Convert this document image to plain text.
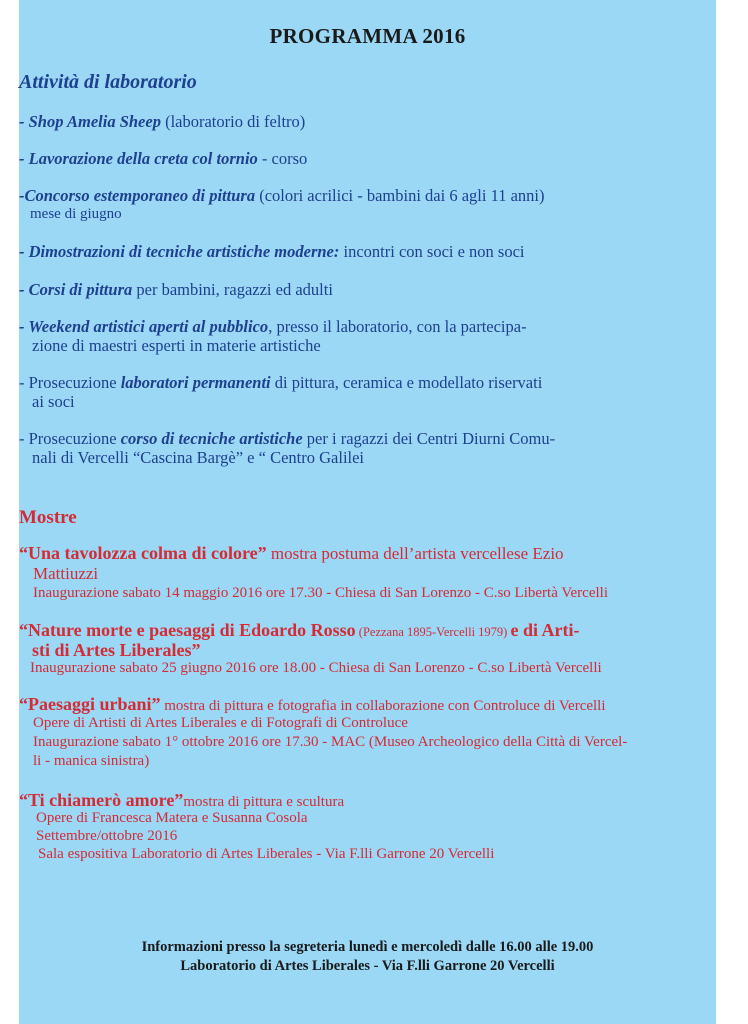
PROGRAMMA 2016
Attività di laboratorio
- Shop Amelia Sheep (laboratorio di feltro)
- Lavorazione della creta col tornio - corso
-Concorso estemporaneo di pittura (colori acrilici - bambini dai 6 agli 11 anni)
mese di giugno
- Dimostrazioni di tecniche artistiche moderne: incontri con soci e non soci
- Corsi di pittura per bambini, ragazzi ed adulti
- Weekend artistici aperti al pubblico, presso il laboratorio, con la partecipa-
zione di maestri esperti in materie artistiche
- Prosecuzione laboratori permanenti di pittura, ceramica e modellato riservati
ai soci
- Prosecuzione corso di tecniche artistiche per i ragazzi dei Centri Diurni Comu-
nali di Vercelli “Cascina Bargè” e “ Centro Galilei
Mostre
“Una tavolozza colma di colore” mostra postuma dell’artista vercellese Ezio
Mattiuzzi
Inaugurazione sabato 14 maggio 2016 ore 17.30 - Chiesa di San Lorenzo - C.so Libertà Vercelli
“Nature morte e paesaggi di Edoardo Rosso (Pezzana 1895-Vercelli 1979) e di Arti-
sti di Artes Liberales”
Inaugurazione sabato 25 giugno 2016 ore 18.00 - Chiesa di San Lorenzo - C.so Libertà Vercelli
“Paesaggi urbani” mostra di pittura e fotografia in collaborazione con Controluce di Vercelli
Opere di Artisti di Artes Liberales e di Fotografi di Controluce
Inaugurazione sabato 1° ottobre 2016 ore 17.30 - MAC (Museo Archeologico della Città di Vercel-
li - manica sinistra)
“Ti chiamerò amore”mostra di pittura e scultura
Opere di Francesca Matera e Susanna Cosola
Settembre/ottobre 2016
Sala espositiva Laboratorio di Artes Liberales - Via F.lli Garrone 20 Vercelli
Informazioni presso la segreteria lunedì e mercoledì dalle 16.00 alle 19.00
Laboratorio di Artes Liberales - Via F.lli Garrone 20 Vercelli
